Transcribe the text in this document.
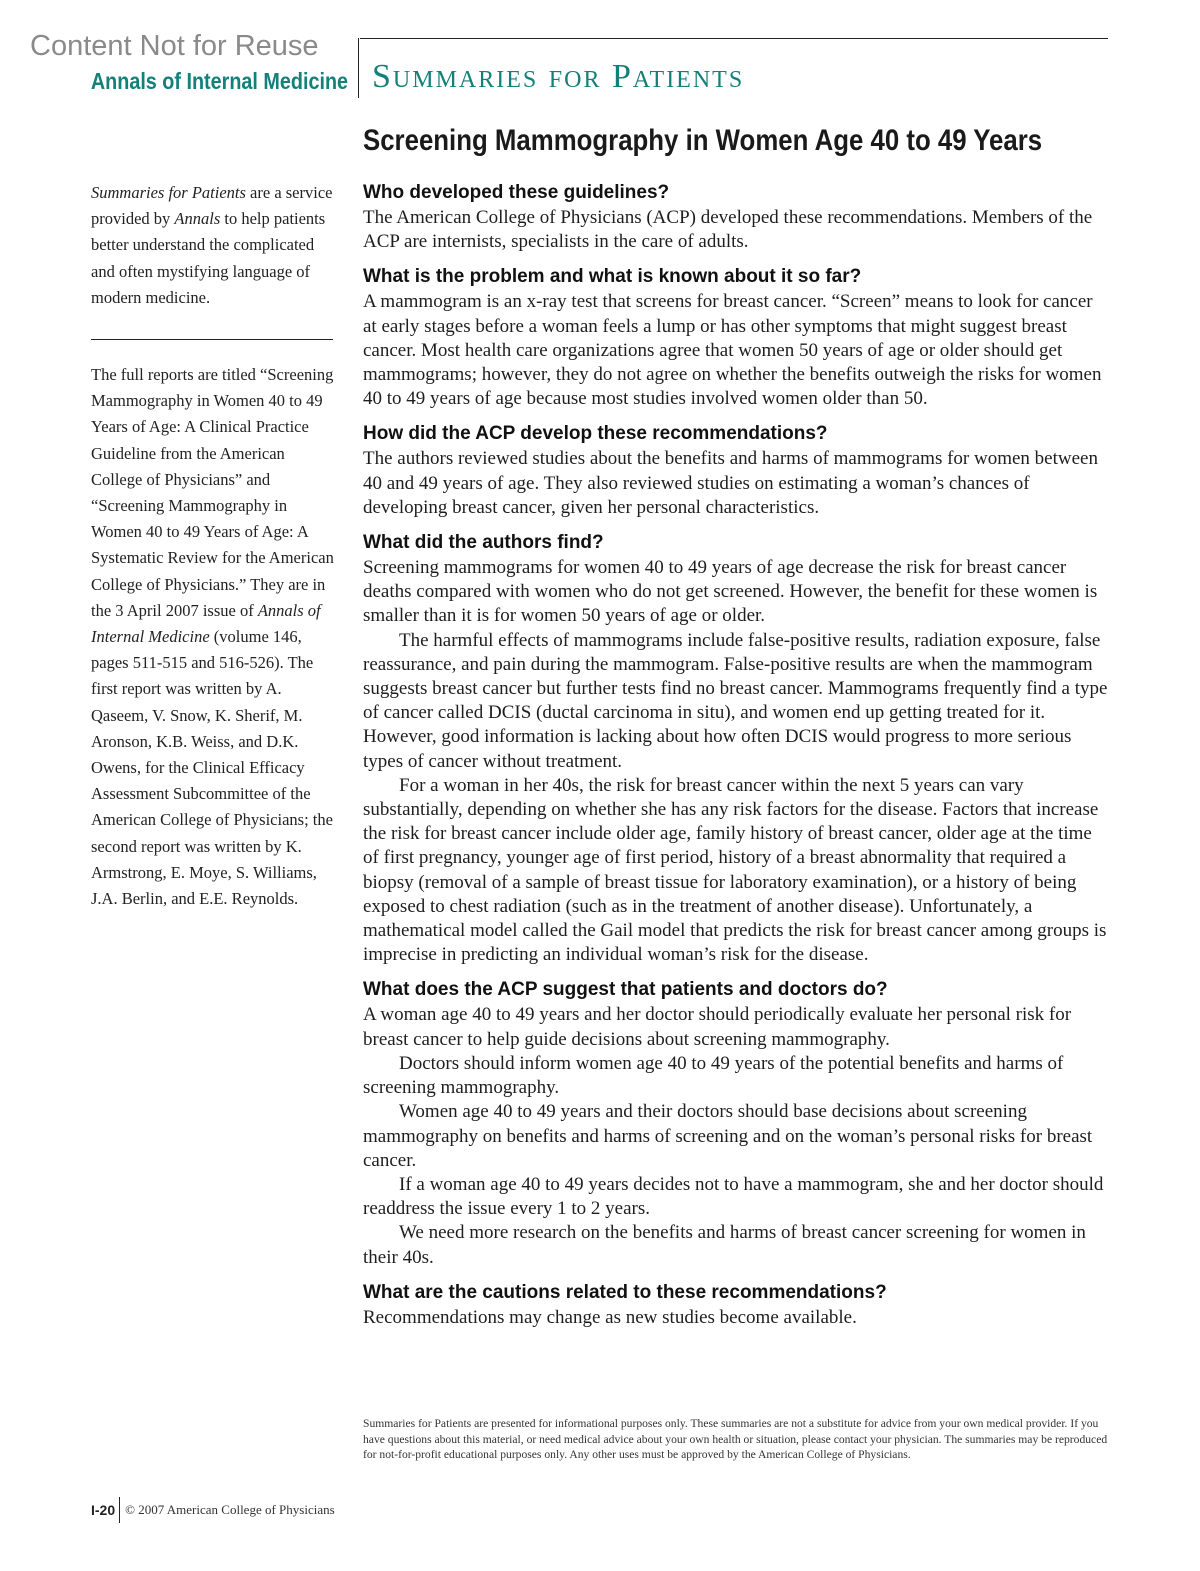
Content Not for Reuse
Annals of Internal Medicine Summaries for Patients
Screening Mammography in Women Age 40 to 49 Years

Summaries for Patients are a service provided by Annals to help patients better understand the complicated and often mystifying language of modern medicine.

The full reports are titled “Screening Mammography in Women 40 to 49 Years of Age: A Clinical Practice Guideline from the American College of Physicians” and “Screening Mammography in Women 40 to 49 Years of Age: A Systematic Review for the American College of Physicians.” They are in the 3 April 2007 issue of Annals of Internal Medicine (volume 146, pages 511-515 and 516-526). The first report was written by A. Qaseem, V. Snow, K. Sherif, M. Aronson, K.B. Weiss, and D.K. Owens, for the Clinical Efficacy Assessment Subcommittee of the American College of Physicians; the second report was written by K. Armstrong, E. Moye, S. Williams, J.A. Berlin, and E.E. Reynolds.

Who developed these guidelines?

The American College of Physicians (ACP) developed these recommendations. Members of the ACP are internists, specialists in the care of adults.

What is the problem and what is known about it so far?

A mammogram is an x-ray test that screens for breast cancer. “Screen” means to look for cancer at early stages before a woman feels a lump or has other symptoms that might suggest breast cancer. Most health care organizations agree that women 50 years of age or older should get mammograms; however, they do not agree on whether the benefits outweigh the risks for women 40 to 49 years of age because most studies involved women older than 50.

How did the ACP develop these recommendations?

The authors reviewed studies about the benefits and harms of mammograms for women between 40 and 49 years of age. They also reviewed studies on estimating a woman’s chances of developing breast cancer, given her personal characteristics.

What did the authors find?

Screening mammograms for women 40 to 49 years of age decrease the risk for breast cancer deaths compared with women who do not get screened. However, the benefit for these women is smaller than it is for women 50 years of age or older.

The harmful effects of mammograms include false-positive results, radiation exposure, false reassurance, and pain during the mammogram. False-positive results are when the mammogram suggests breast cancer but further tests find no breast cancer. Mammograms frequently find a type of cancer called DCIS (ductal carcinoma in situ), and women end up getting treated for it. However, good information is lacking about how often DCIS would progress to more serious types of cancer without treatment.

For a woman in her 40s, the risk for breast cancer within the next 5 years can vary substantially, depending on whether she has any risk factors for the disease. Factors that increase the risk for breast cancer include older age, family history of breast cancer, older age at the time of first pregnancy, younger age of first period, history of a breast abnormality that required a biopsy (removal of a sample of breast tissue for laboratory examination), or a history of being exposed to chest radiation (such as in the treatment of another disease). Unfortunately, a mathematical model called the Gail model that predicts the risk for breast cancer among groups is imprecise in predicting an individual woman’s risk for the disease.

What does the ACP suggest that patients and doctors do?

A woman age 40 to 49 years and her doctor should periodically evaluate her personal risk for breast cancer to help guide decisions about screening mammography.

Doctors should inform women age 40 to 49 years of the potential benefits and harms of screening mammography.

Women age 40 to 49 years and their doctors should base decisions about screening mammography on benefits and harms of screening and on the woman’s personal risks for breast cancer.

If a woman age 40 to 49 years decides not to have a mammogram, she and her doctor should readdress the issue every 1 to 2 years.

We need more research on the benefits and harms of breast cancer screening for women in their 40s.

What are the cautions related to these recommendations?

Recommendations may change as new studies become available.

Summaries for Patients are presented for informational purposes only. These summaries are not a substitute for advice from your own medical provider. If you have questions about this material, or need medical advice about your own health or situation, please contact your physician. The summaries may be reproduced for not-for-profit educational purposes only. Any other uses must be approved by the American College of Physicians.
I-20 © 2007 American College of Physicians
